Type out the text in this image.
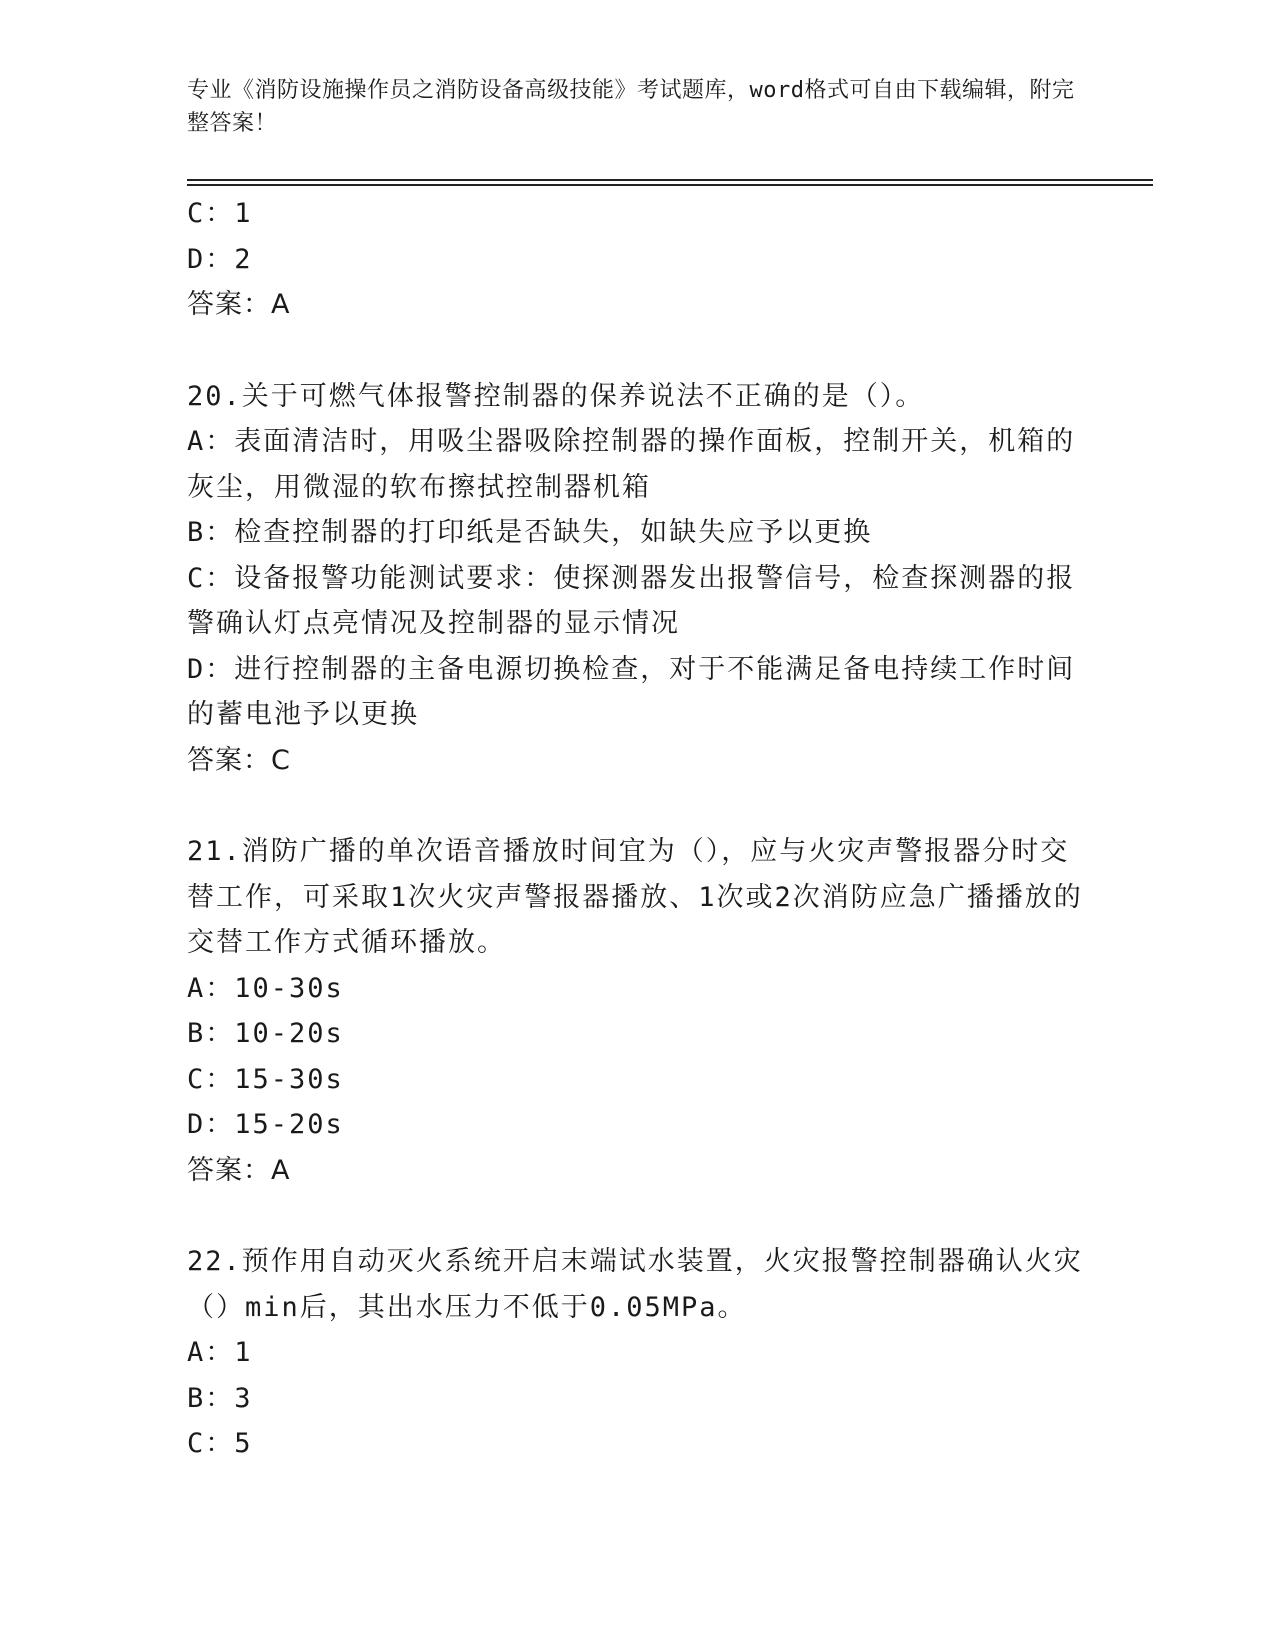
专业《消防设施操作员之消防设备高级技能》考试题库，word格式可自由下载编辑，附完整答案！

C：1

D：2

答案：A

20.关于可燃气体报警控制器的保养说法不正确的是（）。

A：表面清洁时，用吸尘器吸除控制器的操作面板，控制开关，机箱的灰尘，用微湿的软布擦拭控制器机箱

B：检查控制器的打印纸是否缺失，如缺失应予以更换

C：设备报警功能测试要求：使探测器发出报警信号，检查探测器的报警确认灯点亮情况及控制器的显示情况

D：进行控制器的主备电源切换检查，对于不能满足备电持续工作时间的蓄电池予以更换

答案：C

21.消防广播的单次语音播放时间宜为（），应与火灾声警报器分时交替工作，可采取1次火灾声警报器播放、1次或2次消防应急广播播放的交替工作方式循环播放。

A：10-30s

B：10-20s

C：15-30s

D：15-20s

答案：A

22.预作用自动灭火系统开启末端试水装置，火灾报警控制器确认火灾（）min后，其出水压力不低于0.05MPa。

A：1

B：3

C：5
